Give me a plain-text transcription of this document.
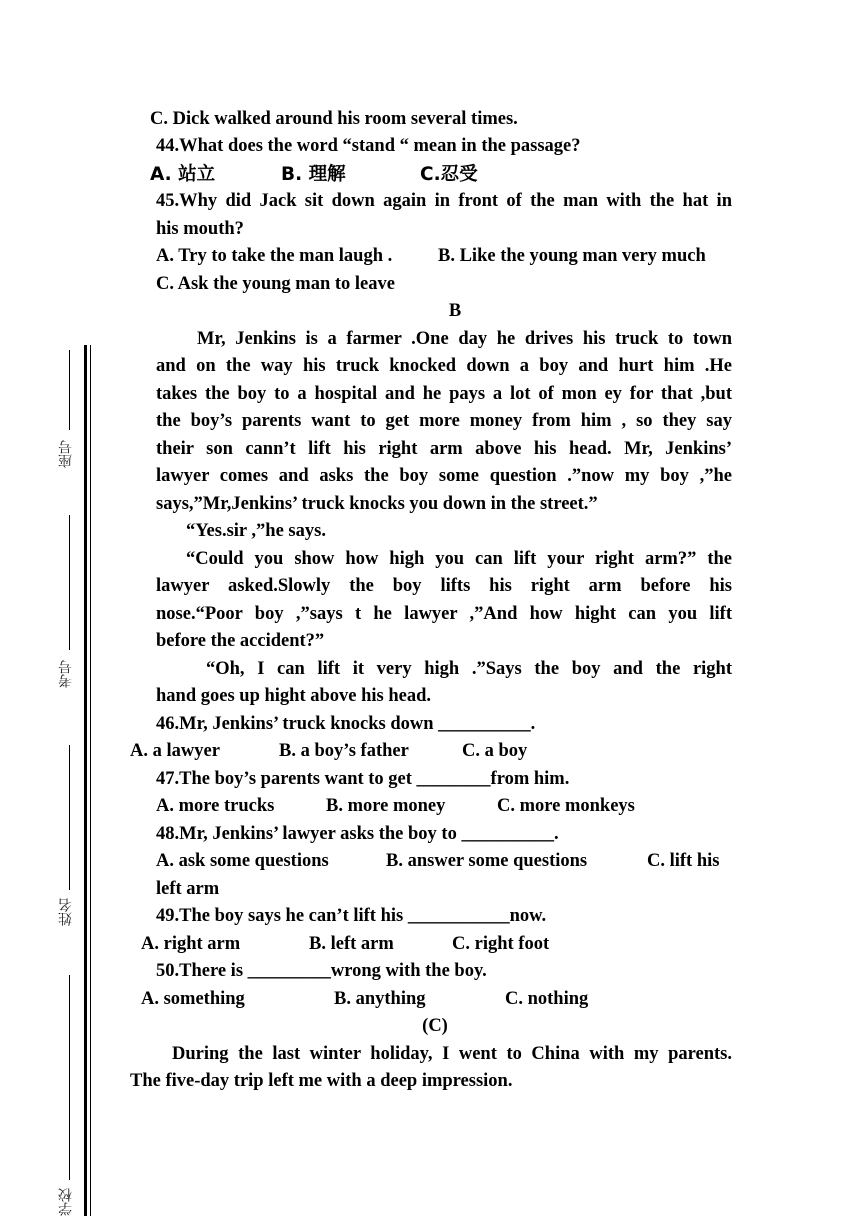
座号
考号
姓名
学校
C. Dick walked around his room several times.
44.What does the word “stand “ mean in the passage?
A. 站立	B. 理解	C.忍受
45.Why did Jack sit down again in front of the man with the hat in
his mouth?
A. Try to take the man laugh . B. Like the young man very much
C. Ask the young man to leave
B
Mr, Jenkins is a farmer .One day he drives his truck to town
and on the way his truck knocked down a boy and hurt him .He
takes the boy to a hospital and he pays a lot of mon ey for that ,but
the boy’s parents want to get more money from him , so they say
their son cann’t lift his right arm above his head. Mr, Jenkins’
lawyer comes and asks the boy some question .”now my boy ,”he
says,”Mr,Jenkins’ truck knocks you down in the street.”
“Yes.sir ,”he says.
“Could you show how high you can lift your right arm?” the
lawyer asked.Slowly the boy lifts his right arm before his
nose.“Poor boy ,”says t he lawyer ,”And how hight can you lift
before the accident?”
“Oh, I can lift it very high .”Says the boy and the right
hand goes up hight above his head.
46.Mr, Jenkins’ truck knocks down __________.
A. a lawyer	B. a boy’s father	C. a boy
47.The boy’s parents want to get ________from him.
A. more trucks	B. more money	C. more monkeys
48.Mr, Jenkins’ lawyer asks the boy to __________.
A. ask some questions	B. answer some questions	C. lift his
left arm
49.The boy says he can’t lift his ___________now.
A. right arm	B. left arm	C. right foot
50.There is _________wrong with the boy.
A. something	B. anything	C. nothing
(C)
During the last winter holiday, I went to China with my parents.
The five-day trip left me with a deep impression.
